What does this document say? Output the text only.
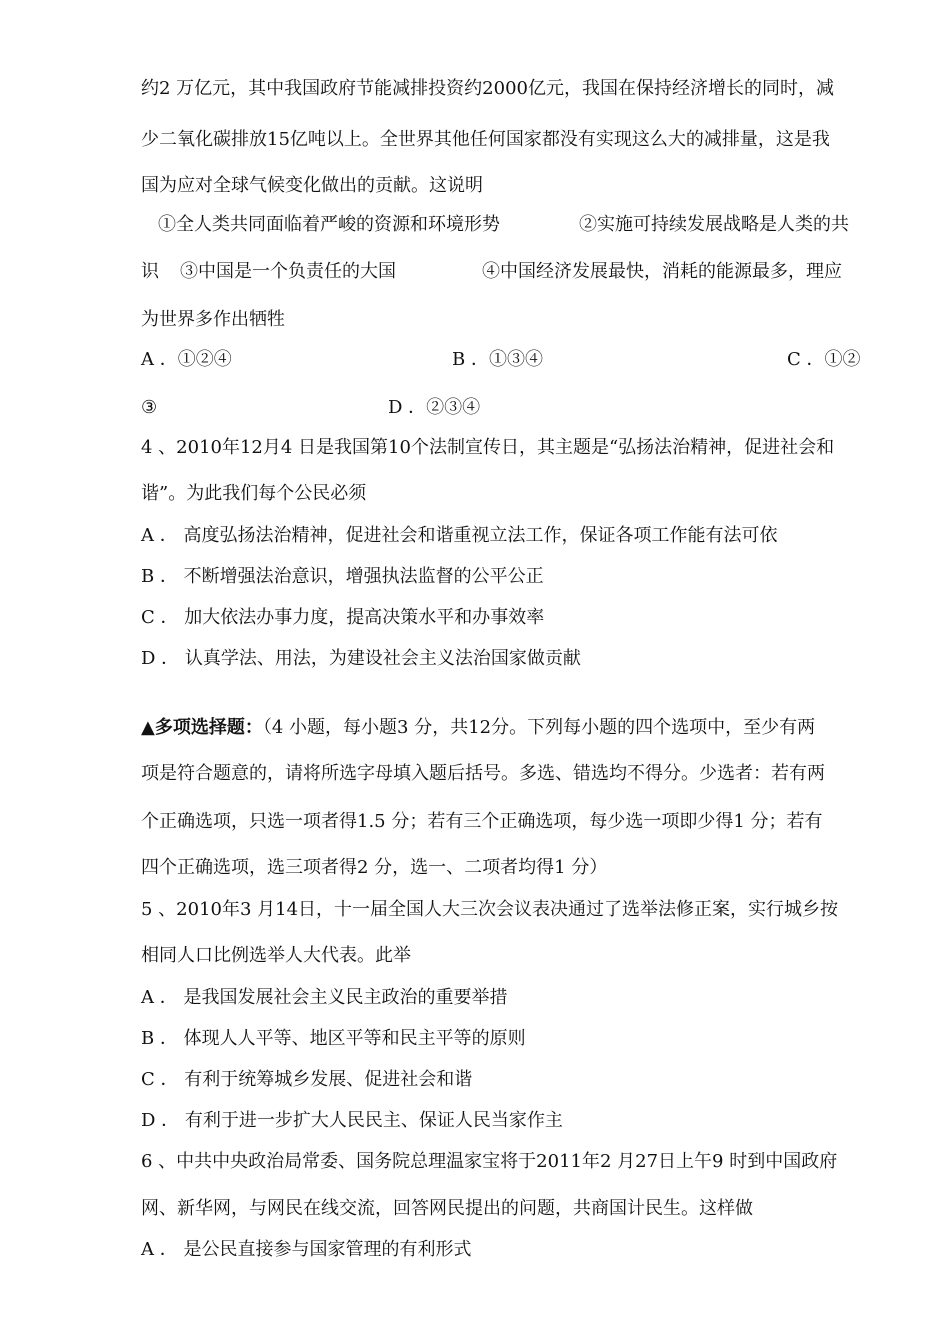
约2 万亿元，其中我国政府节能减排投资约2000亿元，我国在保持经济增长的同时，减
少二氧化碳排放15亿吨以上。全世界其他任何国家都没有实现这么大的减排量，这是我
国为应对全球气候变化做出的贡献。这说明
①全人类共同面临着严峻的资源和环境形势	②实施可持续发展战略是人类的共
识 ③中国是一个负责任的大国	④中国经济发展最快，消耗的能源最多，理应
为世界多作出牺牲
A ．①②④	B ．①③④	C ．①②
③	D ．②③④
4 、2010年12月4 日是我国第10个法制宣传日，其主题是“弘扬法治精神，促进社会和
谐”。为此我们每个公民必须
A ． 高度弘扬法治精神，促进社会和谐重视立法工作，保证各项工作能有法可依
B ． 不断增强法治意识，增强执法监督的公平公正
C ． 加大依法办事力度，提高决策水平和办事效率
D ． 认真学法、用法，为建设社会主义法治国家做贡献
▲多项选择题：（4 小题，每小题3 分，共12分。下列每小题的四个选项中，至少有两
项是符合题意的，请将所选字母填入题后括号。多选、错选均不得分。少选者：若有两
个正确选项，只选一项者得1.5 分；若有三个正确选项，每少选一项即少得1 分；若有
四个正确选项，选三项者得2 分，选一、二项者均得1 分）
5 、2010年3 月14日，十一届全国人大三次会议表决通过了选举法修正案，实行城乡按
相同人口比例选举人大代表。此举
A ． 是我国发展社会主义民主政治的重要举措
B ． 体现人人平等、地区平等和民主平等的原则
C ． 有利于统筹城乡发展、促进社会和谐
D ． 有利于进一步扩大人民民主、保证人民当家作主
6 、中共中央政治局常委、国务院总理温家宝将于2011年2 月27日上午9 时到中国政府
网、新华网，与网民在线交流，回答网民提出的问题，共商国计民生。这样做
A ． 是公民直接参与国家管理的有利形式
